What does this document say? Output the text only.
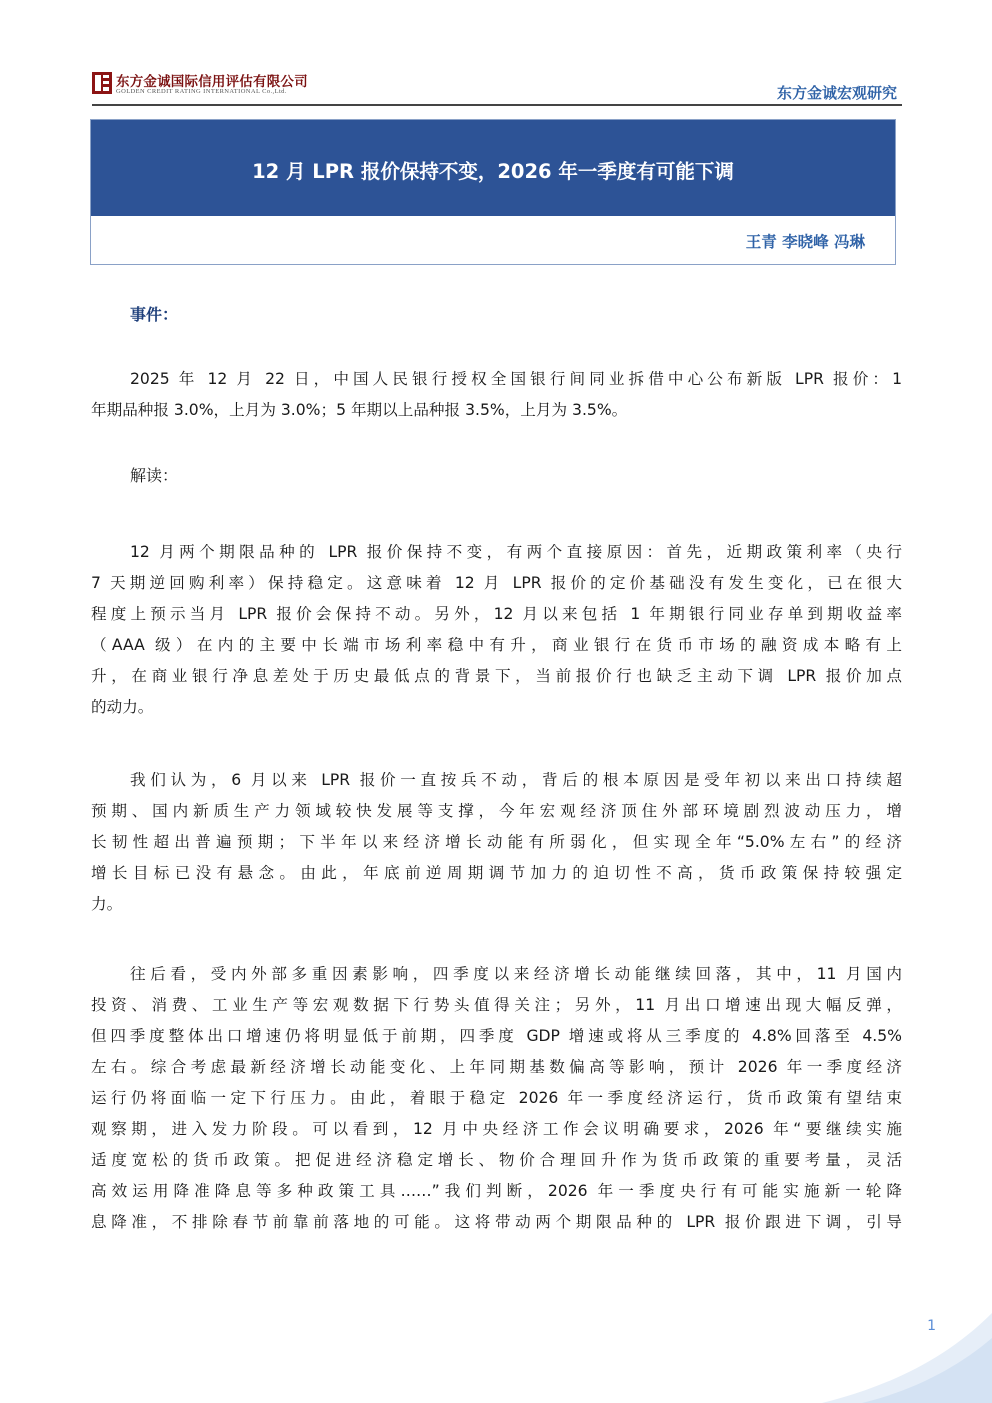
东方金诚国际信用评估有限公司
GOLDEN CREDIT RATING INTERNATIONAL Co.,Ltd.	东方金诚宏观研究
12 月 LPR 报价保持不变，2026 年一季度有可能下调
王青 李晓峰 冯琳
事件：
2025 年 12 月 22 日，中国人民银行授权全国银行间同业拆借中心公布新版 LPR 报价：1
年期品种报 3.0%，上月为 3.0%；5 年期以上品种报 3.5%，上月为 3.5%。
解读：
12 月两个期限品种的 LPR 报价保持不变，有两个直接原因：首先，近期政策利率（央行
7 天期逆回购利率）保持稳定。这意味着 12 月 LPR 报价的定价基础没有发生变化，已在很大
程度上预示当月 LPR 报价会保持不动。另外，12 月以来包括 1 年期银行同业存单到期收益率
（AAA 级）在内的主要中长端市场利率稳中有升，商业银行在货币市场的融资成本略有上
升，在商业银行净息差处于历史最低点的背景下，当前报价行也缺乏主动下调 LPR 报价加点
的动力。
我们认为，6 月以来 LPR 报价一直按兵不动，背后的根本原因是受年初以来出口持续超
预期、国内新质生产力领域较快发展等支撑，今年宏观经济顶住外部环境剧烈波动压力，增
长韧性超出普遍预期；下半年以来经济增长动能有所弱化，但实现全年“5.0%左右”的经济
增长目标已没有悬念。由此，年底前逆周期调节加力的迫切性不高，货币政策保持较强定
力。
往后看，受内外部多重因素影响，四季度以来经济增长动能继续回落，其中，11 月国内
投资、消费、工业生产等宏观数据下行势头值得关注；另外，11 月出口增速出现大幅反弹，
但四季度整体出口增速仍将明显低于前期，四季度 GDP 增速或将从三季度的 4.8%回落至 4.5%
左右。综合考虑最新经济增长动能变化、上年同期基数偏高等影响，预计 2026 年一季度经济
运行仍将面临一定下行压力。由此，着眼于稳定 2026 年一季度经济运行，货币政策有望结束
观察期，进入发力阶段。可以看到，12 月中央经济工作会议明确要求，2026 年“要继续实施
适度宽松的货币政策。把促进经济稳定增长、物价合理回升作为货币政策的重要考量，灵活
高效运用降准降息等多种政策工具……”我们判断，2026 年一季度央行有可能实施新一轮降
息降准，不排除春节前靠前落地的可能。这将带动两个期限品种的 LPR 报价跟进下调，引导
1
